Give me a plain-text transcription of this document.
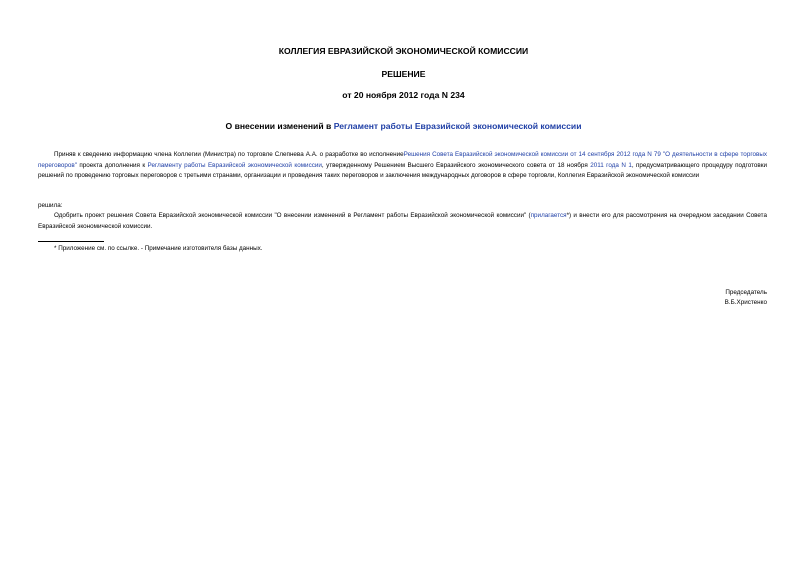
КОЛЛЕГИЯ ЕВРАЗИЙСКОЙ ЭКОНОМИЧЕСКОЙ КОМИССИИ
РЕШЕНИЕ
от 20 ноября 2012 года N 234
О внесении изменений в Регламент работы Евразийской экономической комиссии
Приняв к сведению информацию члена Коллегии (Министра) по торговле Слепнева А.А. о разработке во исполнениеРешения Совета Евразийской экономической комиссии от 14 сентября 2012 года N 79 "О деятельности в сфере торговых переговоров" проекта дополнения к Регламенту работы Евразийской экономической комиссии, утвержденному Решением Высшего Евразийского экономического совета от 18 ноября 2011 года N 1, предусматривающего процедуру подготовки решений по проведению торговых переговоров с третьими странами, организации и проведения таких переговоров и заключения международных договоров в сфере торговли, Коллегия Евразийской экономической комиссии
решила:
Одобрить проект решения Совета Евразийской экономической комиссии "О внесении изменений в Регламент работы Евразийской экономической комиссии" (прилагается*) и внести его для рассмотрения на очередном заседании Совета Евразийской экономической комиссии.
* Приложение см. по ссылке. - Примечание изготовителя базы данных.
Председатель
В.Б.Христенко
